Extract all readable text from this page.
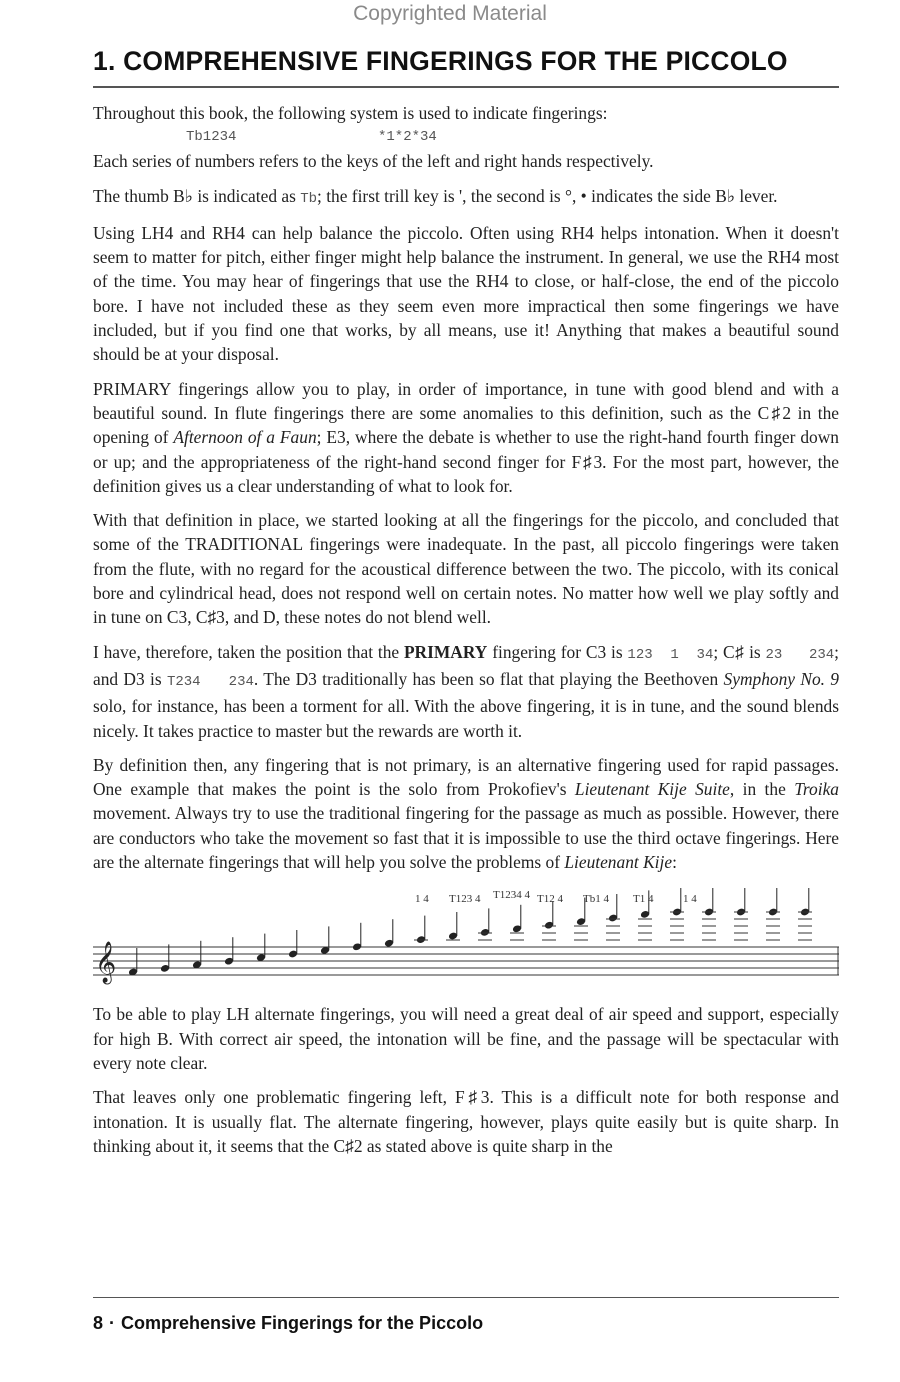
Copyrighted Material
1. COMPREHENSIVE FINGERINGS FOR THE PICCOLO

Throughout this book, the following system is used to indicate fingerings:

Tb1234	*1*2*34

Each series of numbers refers to the keys of the left and right hands respectively.

The thumb B♭ is indicated as Tb; the first trill key is ', the second is °, • indicates the side B♭ lever.

Using LH4 and RH4 can help balance the piccolo. Often using RH4 helps intonation. When it doesn't seem to matter for pitch, either finger might help balance the instrument. In general, we use the RH4 most of the time. You may hear of fingerings that use the RH4 to close, or half-close, the end of the piccolo bore. I have not included these as they seem even more impractical then some fingerings we have included, but if you find one that works, by all means, use it! Anything that makes a beautiful sound should be at your disposal.

PRIMARY fingerings allow you to play, in order of importance, in tune with good blend and with a beautiful sound. In flute fingerings there are some anomalies to this definition, such as the C♯2 in the opening of Afternoon of a Faun; E3, where the debate is whether to use the right-hand fourth finger down or up; and the appropriateness of the right-hand second finger for F♯3. For the most part, however, the definition gives us a clear understanding of what to look for.

With that definition in place, we started looking at all the fingerings for the piccolo, and concluded that some of the TRADITIONAL fingerings were inadequate. In the past, all piccolo fingerings were taken from the flute, with no regard for the acoustical difference between the two. The piccolo, with its conical bore and cylindrical head, does not respond well on certain notes. No matter how well we play softly and in tune on C3, C♯3, and D, these notes do not blend well.

I have, therefore, taken the position that the PRIMARY fingering for C3 is 123  1  34; C♯ is 23   234; and D3 is T234   234. The D3 traditionally has been so flat that playing the Beethoven Symphony No. 9 solo, for instance, has been a torment for all. With the above fingering, it is in tune, and the sound blends nicely. It takes practice to master but the rewards are worth it.

By definition then, any fingering that is not primary, is an alternative fingering used for rapid passages. One example that makes the point is the solo from Prokofiev's Lieutenant Kije Suite, in the Troika movement. Always try to use the traditional fingering for the passage as much as possible. However, there are conductors who take the movement so fast that it is impossible to use the third octave fingerings. Here are the alternate fingerings that will help you solve the problems of Lieutenant Kije:

𝄞
1 4 T123 4 T1234 4 T12 4 Tb1 4 T1 4	1 4

To be able to play LH alternate fingerings, you will need a great deal of air speed and support, especially for high B. With correct air speed, the intonation will be fine, and the passage will be spectacular with every note clear.

That leaves only one problematic fingering left, F♯3. This is a difficult note for both response and intonation. It is usually flat. The alternate fingering, however, plays quite easily but is quite sharp. In thinking about it, it seems that the C♯2 as stated above is quite sharp in the

8 · Comprehensive Fingerings for the Piccolo
